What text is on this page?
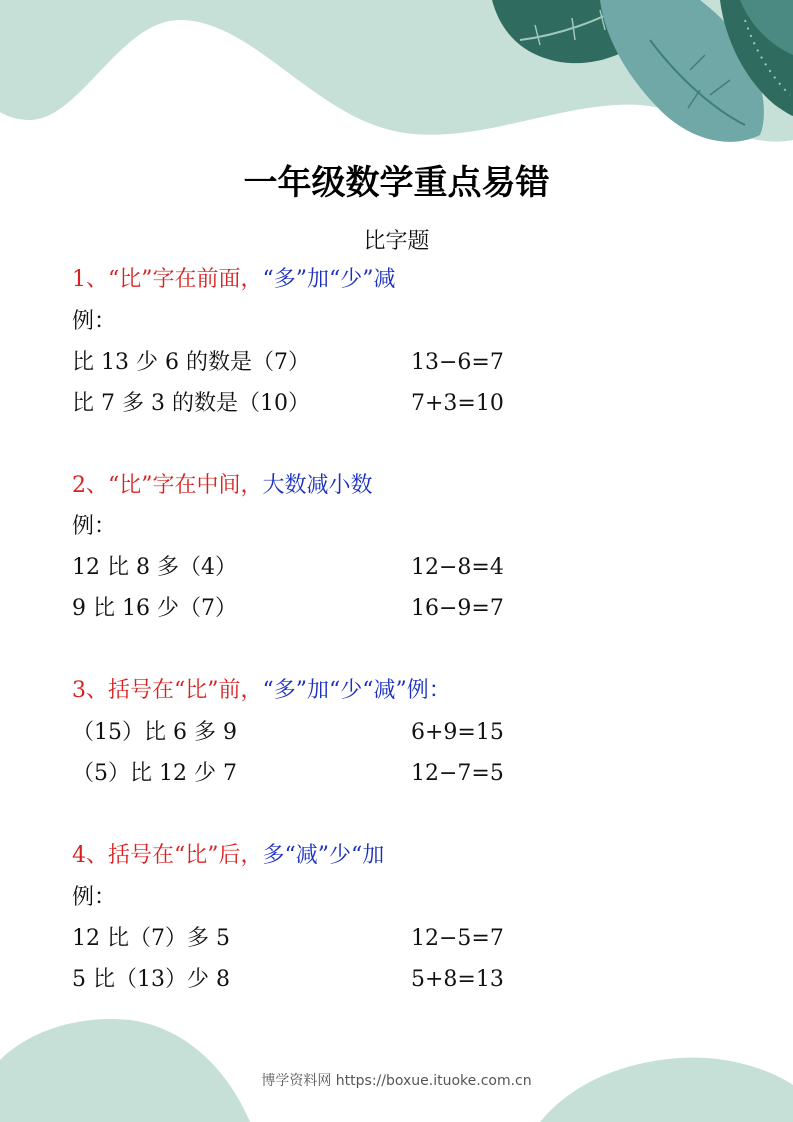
一年级数学重点易错
比字题
1、“比”字在前面，“多”加“少”减
例：
比 13 少 6 的数是（7）	13−6=7
比 7 多 3 的数是（10）	7+3=10
2、“比”字在中间，大数减小数
例：
12 比 8 多（4）	12−8=4
9 比 16 少（7）	16−9=7
3、括号在“比”前，“多”加“少“减”例：
（15）比 6 多 9	6+9=15
（5）比 12 少 7	12−7=5
4、括号在“比”后，多“减”少“加
例：
12 比（7）多 5	12−5=7
5 比（13）少 8	5+8=13
博学资料网 https://boxue.ituoke.com.cn
